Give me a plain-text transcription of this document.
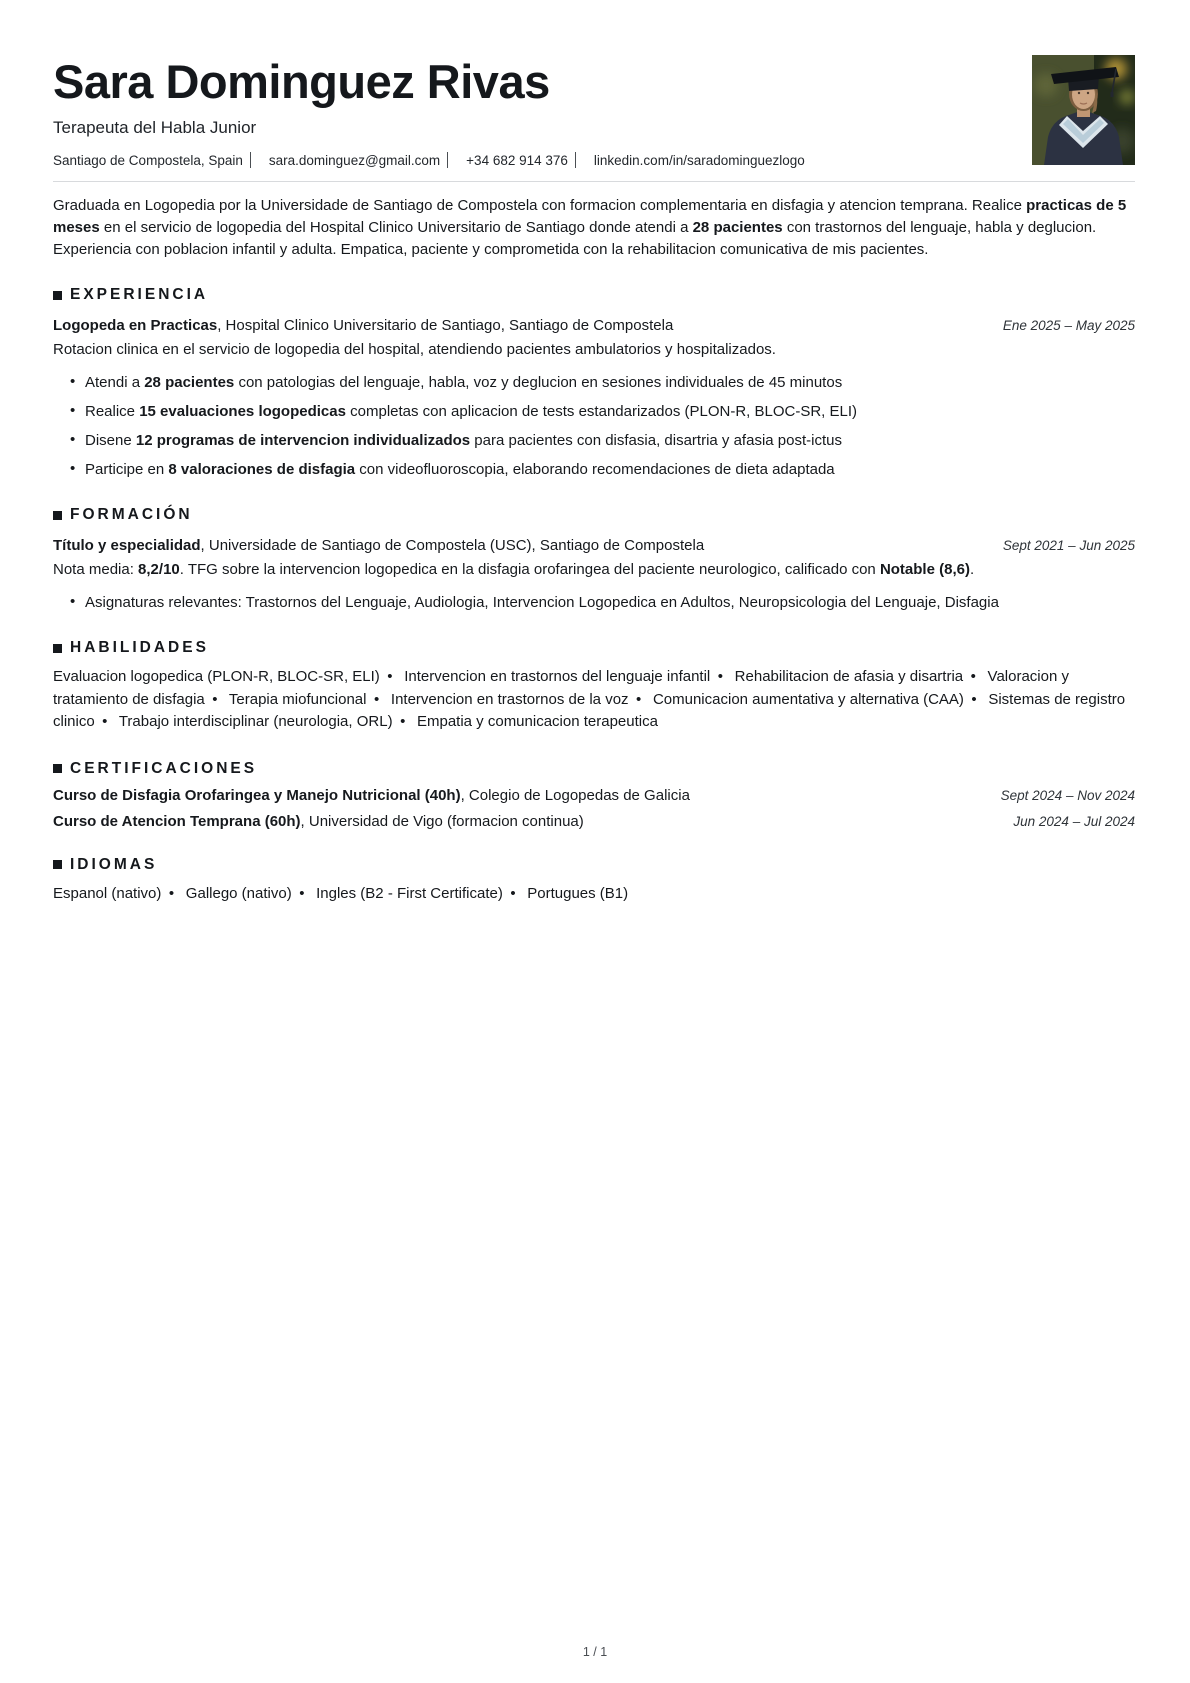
Sara Dominguez Rivas
Terapeuta del Habla Junior
Santiago de Compostela, Spain sara.dominguez@gmail.com +34 682 914 376 linkedin.com/in/saradominguezlogo

Graduada en Logopedia por la Universidade de Santiago de Compostela con formacion complementaria en disfagia y atencion temprana. Realice practicas de 5 meses en el servicio de logopedia del Hospital Clinico Universitario de Santiago donde atendi a 28 pacientes con trastornos del lenguaje, habla y deglucion. Experiencia con poblacion infantil y adulta. Empatica, paciente y comprometida con la rehabilitacion comunicativa de mis pacientes.

EXPERIENCIA
Logopeda en Practicas, Hospital Clinico Universitario de Santiago, Santiago de Compostela	Ene 2025 – May 2025

Rotacion clinica en el servicio de logopedia del hospital, atendiendo pacientes ambulatorios y hospitalizados.

• Atendi a 28 pacientes con patologias del lenguaje, habla, voz y deglucion en sesiones individuales de 45 minutos
• Realice 15 evaluaciones logopedicas completas con aplicacion de tests estandarizados (PLON-R, BLOC-SR, ELI)
• Disene 12 programas de intervencion individualizados para pacientes con disfasia, disartria y afasia post-ictus
• Participe en 8 valoraciones de disfagia con videofluoroscopia, elaborando recomendaciones de dieta adaptada
FORMACIÓN
Título y especialidad, Universidade de Santiago de Compostela (USC), Santiago de Compostela	Sept 2021 – Jun 2025

Nota media: 8,2/10. TFG sobre la intervencion logopedica en la disfagia orofaringea del paciente neurologico, calificado con Notable (8,6).

• Asignaturas relevantes: Trastornos del Lenguaje, Audiologia, Intervencion Logopedica en Adultos, Neuropsicologia del Lenguaje, Disfagia
HABILIDADES

Evaluacion logopedica (PLON-R, BLOC-SR, ELI) •  Intervencion en trastornos del lenguaje infantil •  Rehabilitacion de afasia y disartria •  Valoracion y tratamiento de disfagia •  Terapia miofuncional •  Intervencion en trastornos de la voz •  Comunicacion aumentativa y alternativa (CAA) •  Sistemas de registro clinico •  Trabajo interdisciplinar (neurologia, ORL) •  Empatia y comunicacion terapeutica

CERTIFICACIONES
Curso de Disfagia Orofaringea y Manejo Nutricional (40h), Colegio de Logopedas de Galicia	Sept 2024 – Nov 2024
Curso de Atencion Temprana (60h), Universidad de Vigo (formacion continua)	Jun 2024 – Jul 2024
IDIOMAS

Espanol (nativo) •  Gallego (nativo) •  Ingles (B2 - First Certificate) •  Portugues (B1)

1 / 1
